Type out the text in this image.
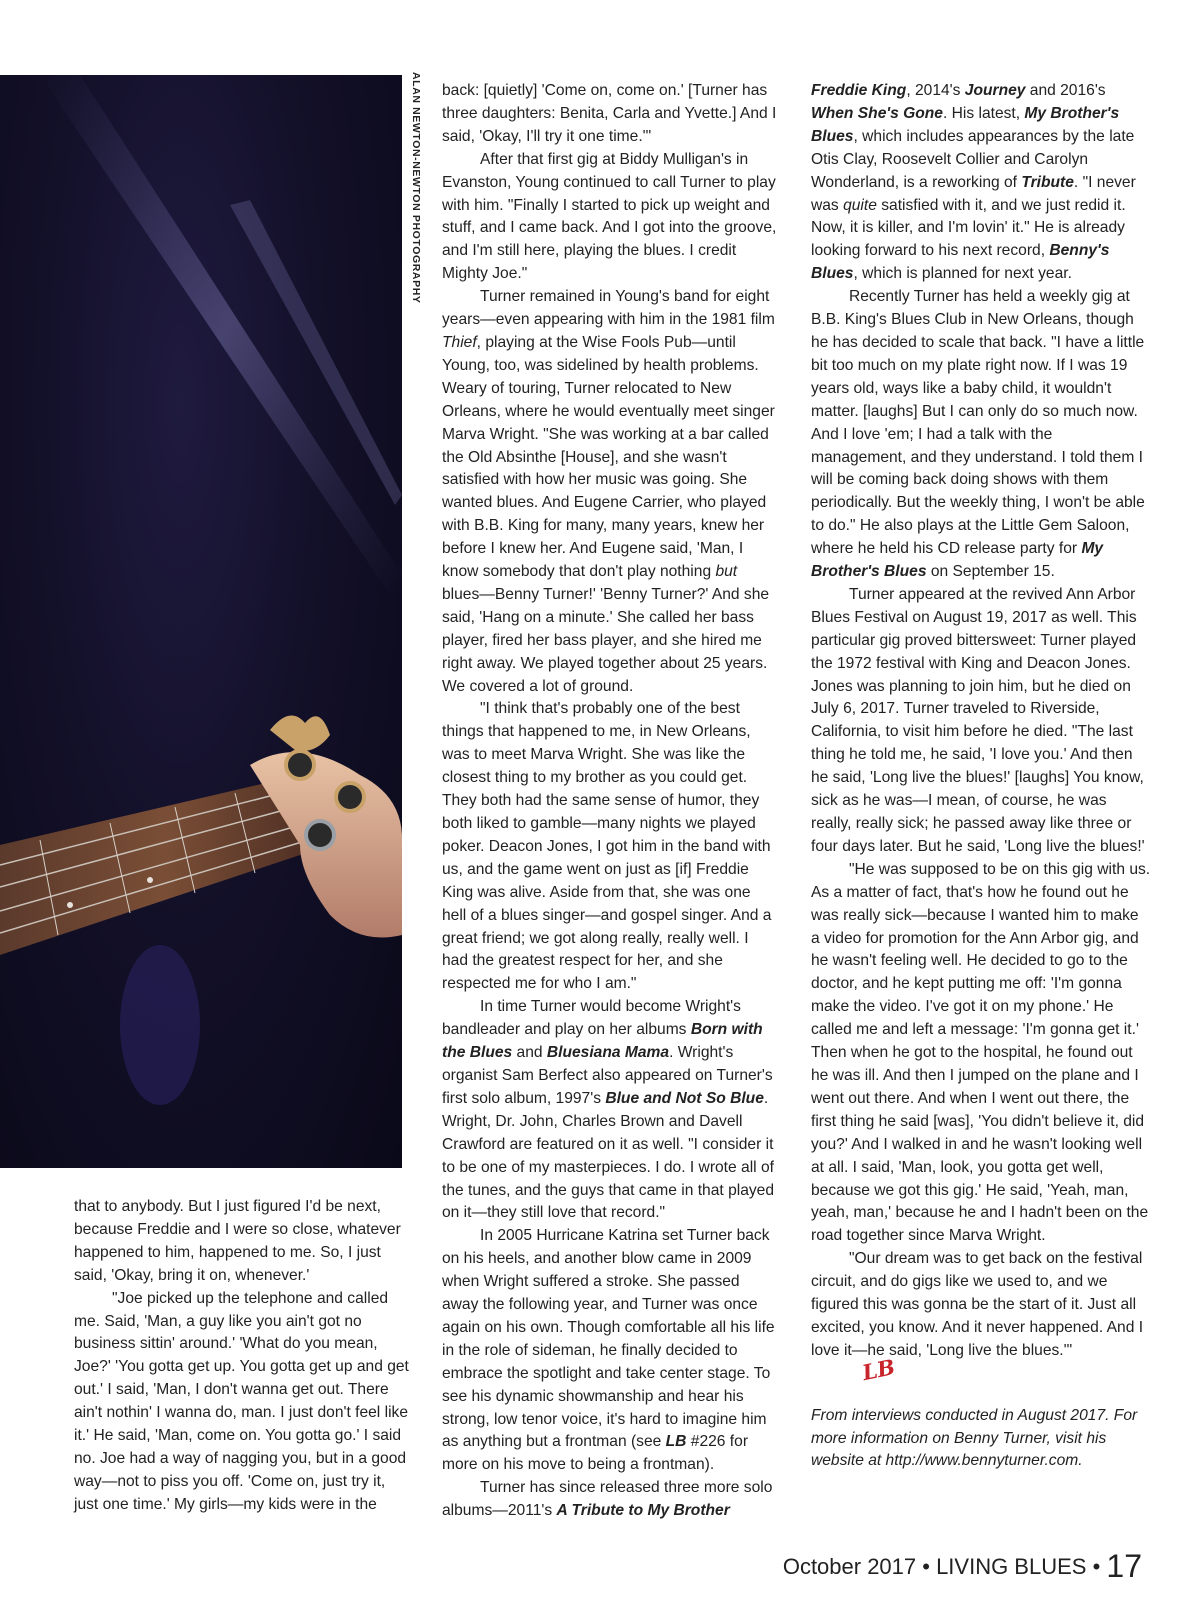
ALAN NEWTON-NEWTON PHOTOGRAPHY

that to anybody. But I just figured I'd be next, because Freddie and I were so close, whatever happened to him, happened to me. So, I just said, 'Okay, bring it on, whenever.'

"Joe picked up the telephone and called me. Said, 'Man, a guy like you ain't got no business sittin' around.' 'What do you mean, Joe?' 'You gotta get up. You gotta get up and get out.' I said, 'Man, I don't wanna get out. There ain't nothin' I wanna do, man. I just don't feel like it.' He said, 'Man, come on. You gotta go.' I said no. Joe had a way of nagging you, but in a good way—not to piss you off. 'Come on, just try it, just one time.' My girls—my kids were in the

back: [quietly] 'Come on, come on.' [Turner has three daughters: Benita, Carla and Yvette.] And I said, 'Okay, I'll try it one time.'"

After that first gig at Biddy Mulligan's in Evanston, Young continued to call Turner to play with him. "Finally I started to pick up weight and stuff, and I came back. And I got into the groove, and I'm still here, playing the blues. I credit Mighty Joe."

Turner remained in Young's band for eight years—even appearing with him in the 1981 film Thief, playing at the Wise Fools Pub—until Young, too, was sidelined by health problems. Weary of touring, Turner relocated to New Orleans, where he would eventually meet singer Marva Wright. "She was working at a bar called the Old Absinthe [House], and she wasn't satisfied with how her music was going. She wanted blues. And Eugene Carrier, who played with B.B. King for many, many years, knew her before I knew her. And Eugene said, 'Man, I know somebody that don't play nothing but blues—Benny Turner!' 'Benny Turner?' And she said, 'Hang on a minute.' She called her bass player, fired her bass player, and she hired me right away. We played together about 25 years. We covered a lot of ground.

"I think that's probably one of the best things that happened to me, in New Orleans, was to meet Marva Wright. She was like the closest thing to my brother as you could get. They both had the same sense of humor, they both liked to gamble—many nights we played poker. Deacon Jones, I got him in the band with us, and the game went on just as [if] Freddie King was alive. Aside from that, she was one hell of a blues singer—and gospel singer. And a great friend; we got along really, really well. I had the greatest respect for her, and she respected me for who I am."

In time Turner would become Wright's bandleader and play on her albums Born with the Blues and Bluesiana Mama. Wright's organist Sam Berfect also appeared on Turner's first solo album, 1997's Blue and Not So Blue. Wright, Dr. John, Charles Brown and Davell Crawford are featured on it as well. "I consider it to be one of my masterpieces. I do. I wrote all of the tunes, and the guys that came in that played on it—they still love that record."

In 2005 Hurricane Katrina set Turner back on his heels, and another blow came in 2009 when Wright suffered a stroke. She passed away the following year, and Turner was once again on his own. Though comfortable all his life in the role of sideman, he finally decided to embrace the spotlight and take center stage. To see his dynamic showmanship and hear his strong, low tenor voice, it's hard to imagine him as anything but a frontman (see LB #226 for more on his move to being a frontman).

Turner has since released three more solo albums—2011's A Tribute to My Brother

Freddie King, 2014's Journey and 2016's When She's Gone. His latest, My Brother's Blues, which includes appearances by the late Otis Clay, Roosevelt Collier and Carolyn Wonderland, is a reworking of Tribute. "I never was quite satisfied with it, and we just redid it. Now, it is killer, and I'm lovin' it." He is already looking forward to his next record, Benny's Blues, which is planned for next year.

Recently Turner has held a weekly gig at B.B. King's Blues Club in New Orleans, though he has decided to scale that back. "I have a little bit too much on my plate right now. If I was 19 years old, ways like a baby child, it wouldn't matter. [laughs] But I can only do so much now. And I love 'em; I had a talk with the management, and they understand. I told them I will be coming back doing shows with them periodically. But the weekly thing, I won't be able to do." He also plays at the Little Gem Saloon, where he held his CD release party for My Brother's Blues on September 15.

Turner appeared at the revived Ann Arbor Blues Festival on August 19, 2017 as well. This particular gig proved bittersweet: Turner played the 1972 festival with King and Deacon Jones. Jones was planning to join him, but he died on July 6, 2017. Turner traveled to Riverside, California, to visit him before he died. "The last thing he told me, he said, 'I love you.' And then he said, 'Long live the blues!' [laughs] You know, sick as he was—I mean, of course, he was really, really sick; he passed away like three or four days later. But he said, 'Long live the blues!'

"He was supposed to be on this gig with us. As a matter of fact, that's how he found out he was really sick—because I wanted him to make a video for promotion for the Ann Arbor gig, and he wasn't feeling well. He decided to go to the doctor, and he kept putting me off: 'I'm gonna make the video. I've got it on my phone.' He called me and left a message: 'I'm gonna get it.' Then when he got to the hospital, he found out he was ill. And then I jumped on the plane and I went out there. And when I went out there, the first thing he said [was], 'You didn't believe it, did you?' And I walked in and he wasn't looking well at all. I said, 'Man, look, you gotta get well, because we got this gig.' He said, 'Yeah, man, yeah, man,' because he and I hadn't been on the road together since Marva Wright.

"Our dream was to get back on the festival circuit, and do gigs like we used to, and we figured this was gonna be the start of it. Just all excited, you know. And it never happened. And I love it—he said, 'Long live the blues.'"LB

From interviews conducted in August 2017. For more information on Benny Turner, visit his website at http://www.bennyturner.com.

October 2017 • LIVING BLUES • 17
